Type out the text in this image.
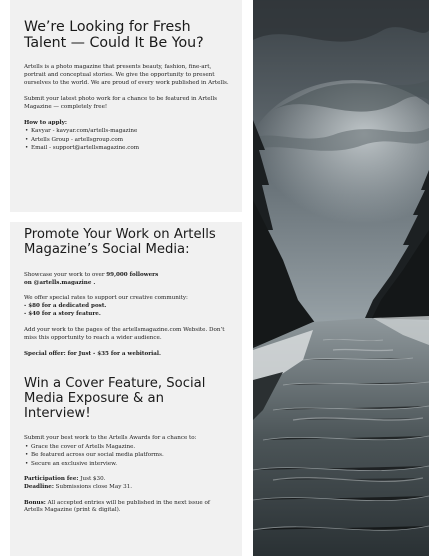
We’re Looking for Fresh Talent — Could It Be You?

Artells is a photo magazine that presents beauty, fashion, fine-art, portrait and conceptual stories. We give the opportunity to present ourselves to the world. We are proud of every work published in Artells.

Submit your latest photo work for a chance to be featured in Artells Magazine — completely free!

How to apply:

• Kavyar - kavyar.com/artells-magazine
• Artells Group - artellsgroup.com
• Email - support@artellsmagazine.com
Promote Your Work on Artells Magazine’s Social Media:

Showcase your work to over 99,000 followers
on @artells.magazine .

We offer special rates to support our creative community:
- $80 for a dedicated post.
- $40 for a story feature.

Add your work to the pages of the artellsmagazine.com Website. Don’t miss this opportunity to reach a wider audience.

Special offer: for Just - $35 for a webitorial.

Win a Cover Feature, Social Media Exposure & an Interview!

Submit your best work to the Artells Awards for a chance to:

• Grace the cover of Artells Magazine.
• Be featured across our social media platforms.
• Secure an exclusive interview.

Participation fee: Just $30.
Deadline: Submissions close May 31.

Bonus: All accepted entries will be published in the next issue of Artells Magazine (print & digital).
